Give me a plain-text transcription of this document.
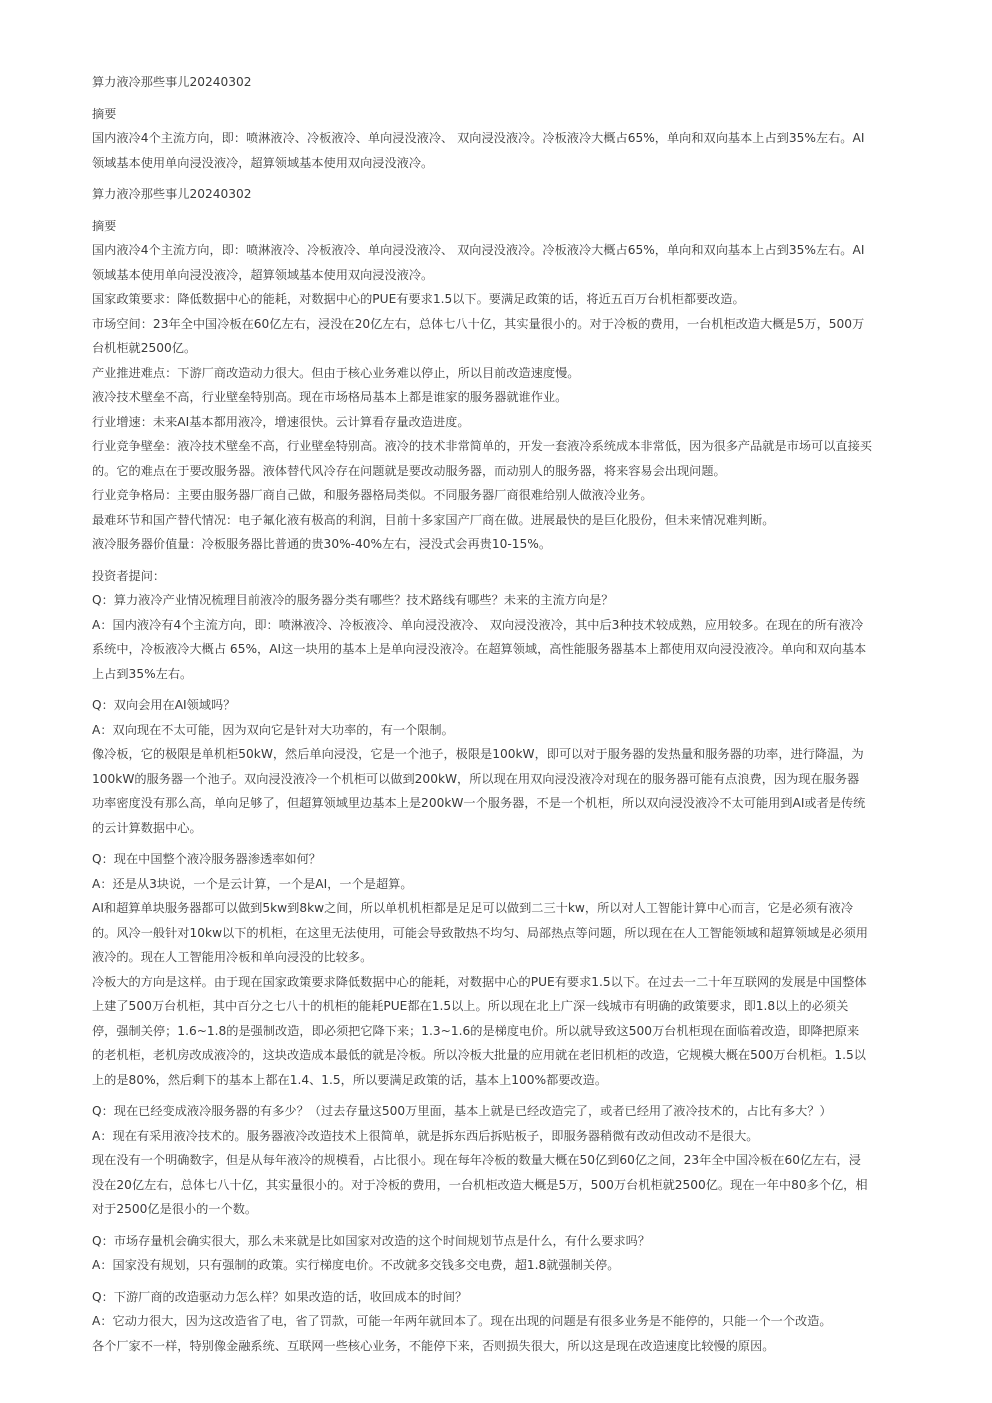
算力液冷那些事儿20240302
摘要
国内液冷4个主流方向，即：喷淋液冷、冷板液冷、单向浸没液冷、 双向浸没液冷。冷板液冷大概占65%，单向和双向基本上占到35%左右。AI
领域基本使用单向浸没液冷，超算领域基本使用双向浸没液冷。
算力液冷那些事儿20240302
摘要
国内液冷4个主流方向，即：喷淋液冷、冷板液冷、单向浸没液冷、 双向浸没液冷。冷板液冷大概占65%，单向和双向基本上占到35%左右。AI
领域基本使用单向浸没液冷，超算领域基本使用双向浸没液冷。
国家政策要求：降低数据中心的能耗，对数据中心的PUE有要求1.5以下。要满足政策的话，将近五百万台机柜都要改造。
市场空间：23年全中国冷板在60亿左右，浸没在20亿左右，总体七八十亿，其实量很小的。对于冷板的费用，一台机柜改造大概是5万，500万
台机柜就2500亿。
产业推进难点：下游厂商改造动力很大。但由于核心业务难以停止，所以目前改造速度慢。
液冷技术壁垒不高，行业壁垒特别高。现在市场格局基本上都是谁家的服务器就谁作业。
行业增速：未来AI基本都用液冷，增速很快。云计算看存量改造进度。
行业竞争壁垒：液冷技术壁垒不高，行业壁垒特别高。液冷的技术非常简单的，开发一套液冷系统成本非常低，因为很多产品就是市场可以直接买
的。它的难点在于要改服务器。液体替代风冷存在问题就是要改动服务器，而动别人的服务器，将来容易会出现问题。
行业竞争格局：主要由服务器厂商自己做，和服务器格局类似。不同服务器厂商很难给别人做液冷业务。
最难环节和国产替代情况：电子氟化液有极高的利润，目前十多家国产厂商在做。进展最快的是巨化股份，但未来情况难判断。
液冷服务器价值量：冷板服务器比普通的贵30%-40%左右，浸没式会再贵10-15%。
投资者提问：
Q：算力液冷产业情况梳理目前液冷的服务器分类有哪些？技术路线有哪些？未来的主流方向是？
A：国内液冷有4个主流方向，即：喷淋液冷、冷板液冷、单向浸没液冷、 双向浸没液冷，其中后3种技术较成熟，应用较多。在现在的所有液冷
系统中，冷板液冷大概占 65%，AI这一块用的基本上是单向浸没液冷。在超算领域，高性能服务器基本上都使用双向浸没液冷。单向和双向基本
上占到35%左右。
Q：双向会用在AI领域吗？
A：双向现在不太可能，因为双向它是针对大功率的，有一个限制。
像冷板，它的极限是单机柜50kW，然后单向浸没，它是一个池子，极限是100kW，即可以对于服务器的发热量和服务器的功率，进行降温，为
100kW的服务器一个池子。双向浸没液冷一个机柜可以做到200kW，所以现在用双向浸没液冷对现在的服务器可能有点浪费，因为现在服务器
功率密度没有那么高，单向足够了，但超算领域里边基本上是200kW一个服务器，不是一个机柜，所以双向浸没液冷不太可能用到AI或者是传统
的云计算数据中心。
Q：现在中国整个液冷服务器渗透率如何？
A：还是从3块说，一个是云计算，一个是AI，一个是超算。
AI和超算单块服务器都可以做到5kw到8kw之间，所以单机机柜都是足足可以做到二三十kw，所以对人工智能计算中心而言，它是必须有液冷
的。风冷一般针对10kw以下的机柜，在这里无法使用，可能会导致散热不均匀、局部热点等问题，所以现在在人工智能领域和超算领域是必须用
液冷的。现在人工智能用冷板和单向浸没的比较多。
冷板大的方向是这样。由于现在国家政策要求降低数据中心的能耗，对数据中心的PUE有要求1.5以下。在过去一二十年互联网的发展是中国整体
上建了500万台机柜，其中百分之七八十的机柜的能耗PUE都在1.5以上。所以现在北上广深一线城市有明确的政策要求，即1.8以上的必须关
停，强制关停；1.6~1.8的是强制改造，即必须把它降下来；1.3~1.6的是梯度电价。所以就导致这500万台机柜现在面临着改造，即降把原来
的老机柜，老机房改成液冷的，这块改造成本最低的就是冷板。所以冷板大批量的应用就在老旧机柜的改造，它规模大概在500万台机柜。1.5以
上的是80%，然后剩下的基本上都在1.4、1.5，所以要满足政策的话，基本上100%都要改造。
Q：现在已经变成液冷服务器的有多少？（过去存量这500万里面，基本上就是已经改造完了，或者已经用了液冷技术的，占比有多大？）
A：现在有采用液冷技术的。服务器液冷改造技术上很简单，就是拆东西后拆贴板子，即服务器稍微有改动但改动不是很大。
现在没有一个明确数字，但是从每年液冷的规模看，占比很小。现在每年冷板的数量大概在50亿到60亿之间，23年全中国冷板在60亿左右，浸
没在20亿左右，总体七八十亿，其实量很小的。对于冷板的费用，一台机柜改造大概是5万，500万台机柜就2500亿。现在一年中80多个亿，相
对于2500亿是很小的一个数。
Q：市场存量机会确实很大，那么未来就是比如国家对改造的这个时间规划节点是什么，有什么要求吗？
A：国家没有规划，只有强制的政策。实行梯度电价。不改就多交钱多交电费，超1.8就强制关停。
Q：下游厂商的改造驱动力怎么样？如果改造的话，收回成本的时间？
A：它动力很大，因为这改造省了电，省了罚款，可能一年两年就回本了。现在出现的问题是有很多业务是不能停的，只能一个一个改造。
各个厂家不一样，特别像金融系统、互联网一些核心业务，不能停下来，否则损失很大，所以这是现在改造速度比较慢的原因。
